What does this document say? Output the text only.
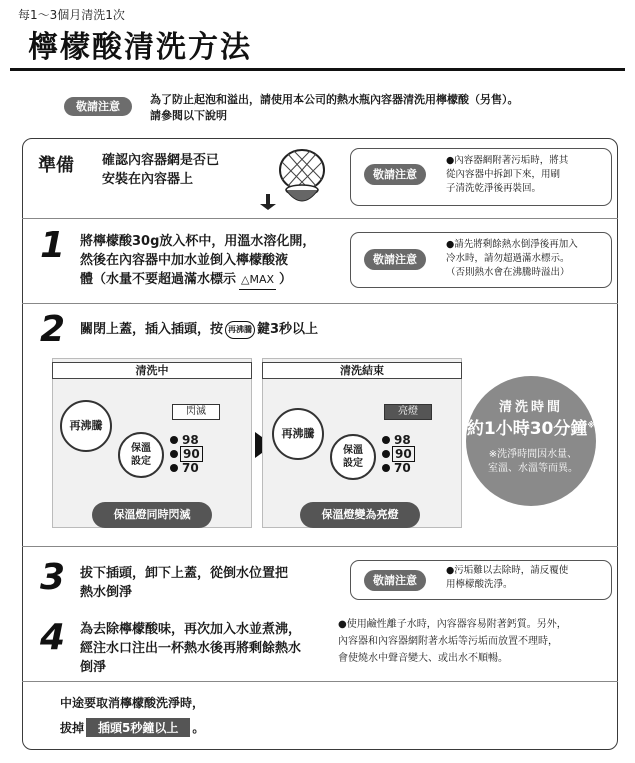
每1～3個月清洗1次
檸檬酸清洗方法
敬請注意
為了防止起泡和溢出，請使用本公司的熱水瓶內容器清洗用檸檬酸（另售）。
請參閱以下說明
準備 確認內容器網是否已
安裝在內容器上	敬請注意
●內容器網附著污垢時，將其
從內容器中拆卸下來，用刷
子清洗乾淨後再裝回。
1 將檸檬酸30g放入杯中，用溫水溶化開，
然後在內容器中加水並倒入檸檬酸液
體（水量不要超過滿水標示 △MAX ）
敬請注意
●請先將剩餘熱水倒淨後再加入
冷水時，請勿超過滿水標示。
（否則熱水會在沸騰時溢出）
2 關閉上蓋，插入插頭，按 再沸騰 鍵3秒以上
清洗中
再沸騰
保溫
設定
閃滅
98
90
70
保溫燈同時閃滅
清洗結束
再沸騰
保溫
設定
亮燈
98
90
70
保溫燈變為亮燈
清洗時間
約1小時30分鐘※
※洗淨時間因水量、
室溫、水溫等而異。
3 拔下插頭，卸下上蓋，從倒水位置把
熱水倒淨
敬請注意
●污垢難以去除時，請反覆使
用檸檬酸洗淨。
4 為去除檸檬酸味，再次加入水並煮沸，
經注水口注出一杯熱水後再將剩餘熱水
倒淨
●使用鹼性離子水時，內容器容易附著鈣質。另外，
內容器和內容器網附著水垢等污垢而放置不理時，
會使燒水中聲音變大、或出水不順暢。
中途要取消檸檬酸洗淨時，
拔掉 插頭5秒鐘以上 。
